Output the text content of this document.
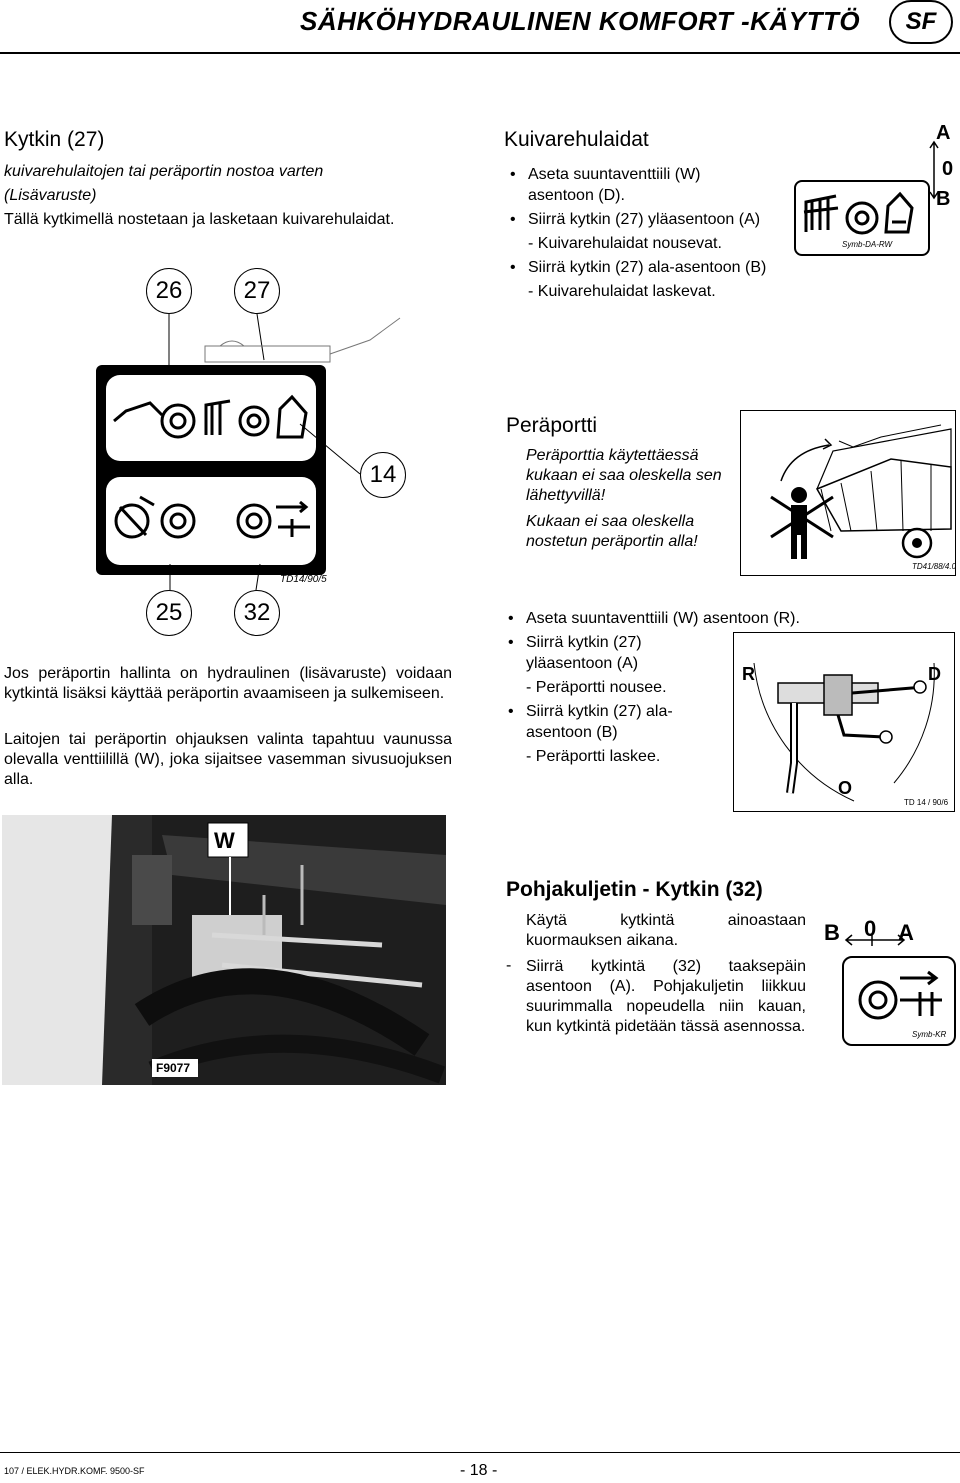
SÄHKÖHYDRAULINEN KOMFORT -KÄYTTÖ	SF
Kytkin (27)
kuivarehulaitojen tai peräportin nostoa varten
(Lisävaruste)
Tällä kytkimellä nostetaan ja lasketaan kuivarehulaidat.
Kuivarehulaidat
• Aseta suuntaventtiili (W) asentoon (D).
• Siirrä kytkin (27) yläasentoon (A)
- Kuivarehulaidat nousevat.
• Siirrä kytkin (27) ala-asentoon (B)
- Kuivarehulaidat laskevat.
Symb-DA-RW
A
0
B
26	27
14
TD14/90/5
25	32
Peräportti
Peräporttia käytettäessä kukaan ei saa oleskella sen lähettyvillä!
Kukaan ei saa oleskella nostetun peräportin alla!
TD41/88/4.0
Jos peräportin hallinta on hydraulinen (lisävaruste) voidaan kytkintä lisäksi käyttää peräportin avaamiseen ja sulkemiseen.
Laitojen tai peräportin ohjauksen valinta tapahtuu vaunussa olevalla venttiilillä (W), joka sijaitsee vasemman sivusuojuksen alla.
• Aseta suuntaventtiili (W) asentoon (R).
• Siirrä kytkin (27) yläasentoon (A)
- Peräportti nousee.
• Siirrä kytkin (27) ala-asentoon (B)
- Peräportti laskee.
R	D
O
TD 14 / 90/6
W
F9077
Pohjakuljetin - Kytkin (32)
Käytä kytkintä ainoastaan kuormauksen aikana.
- Siirrä kytkintä (32) taaksepäin asentoon (A). Pohjakuljetin liikkuu suurimmalla nopeudella niin kauan, kun kytkintä pidetään tässä asennossa.
B 0 A
Symb-KR
107 / ELEK.HYDR.KOMF. 9500-SF	- 18 -
